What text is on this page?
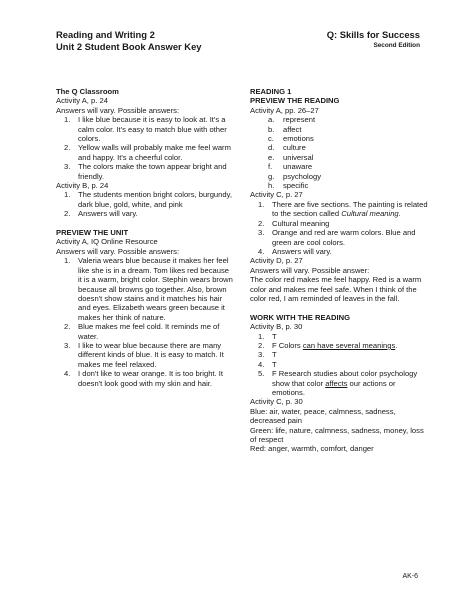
Reading and Writing 2
Unit 2 Student Book Answer Key
Q: Skills for Success
Second Edition
The Q Classroom
Activity A, p. 24
Answers will vary. Possible answers:
1. I like blue because it is easy to look at. It's a calm color. It's easy to match blue with other colors.
2. Yellow walls will probably make me feel warm and happy. It's a cheerful color.
3. The colors make the town appear bright and friendly.
Activity B, p. 24
1. The students mention bright colors, burgundy, dark blue, gold, white, and pink
2. Answers will vary.
PREVIEW THE UNIT
Activity A, IQ Online Resource
Answers will vary. Possible answers:
1. Valeria wears blue because it makes her feel like she is in a dream. Tom likes red because it is a warm, bright color. Stephin wears brown because all browns go together. Also, brown doesn't show stains and it matches his hair and eyes. Elizabeth wears green because it makes her think of nature.
2. Blue makes me feel cold. It reminds me of water.
3. I like to wear blue because there are many different kinds of blue. It is easy to match. It makes me feel relaxed.
4. I don't like to wear orange. It is too bright. It doesn't look good with my skin and hair.
READING 1
PREVIEW THE READING
Activity A, pp. 26–27
a. represent
b. affect
c. emotions
d. culture
e. universal
f. unaware
g. psychology
h. specific
Activity C, p. 27
1. There are five sections. The painting is related to the section called Cultural meaning.
2. Cultural meaning
3. Orange and red are warm colors. Blue and green are cool colors.
4. Answers will vary.
Activity D, p. 27
Answers will vary. Possible answer:
The color red makes me feel happy. Red is a warm color and makes me feel safe. When I think of the color red, I am reminded of leaves in the fall.
WORK WITH THE READING
Activity B, p. 30
1. T
2. F Colors can have several meanings.
3. T
4. T
5. F Research studies about color psychology show that color affects our actions or emotions.
Activity C, p. 30
Blue: air, water, peace, calmness, sadness, decreased pain
Green: life, nature, calmness, sadness, money, loss of respect
Red: anger, warmth, comfort, danger
AK-6
